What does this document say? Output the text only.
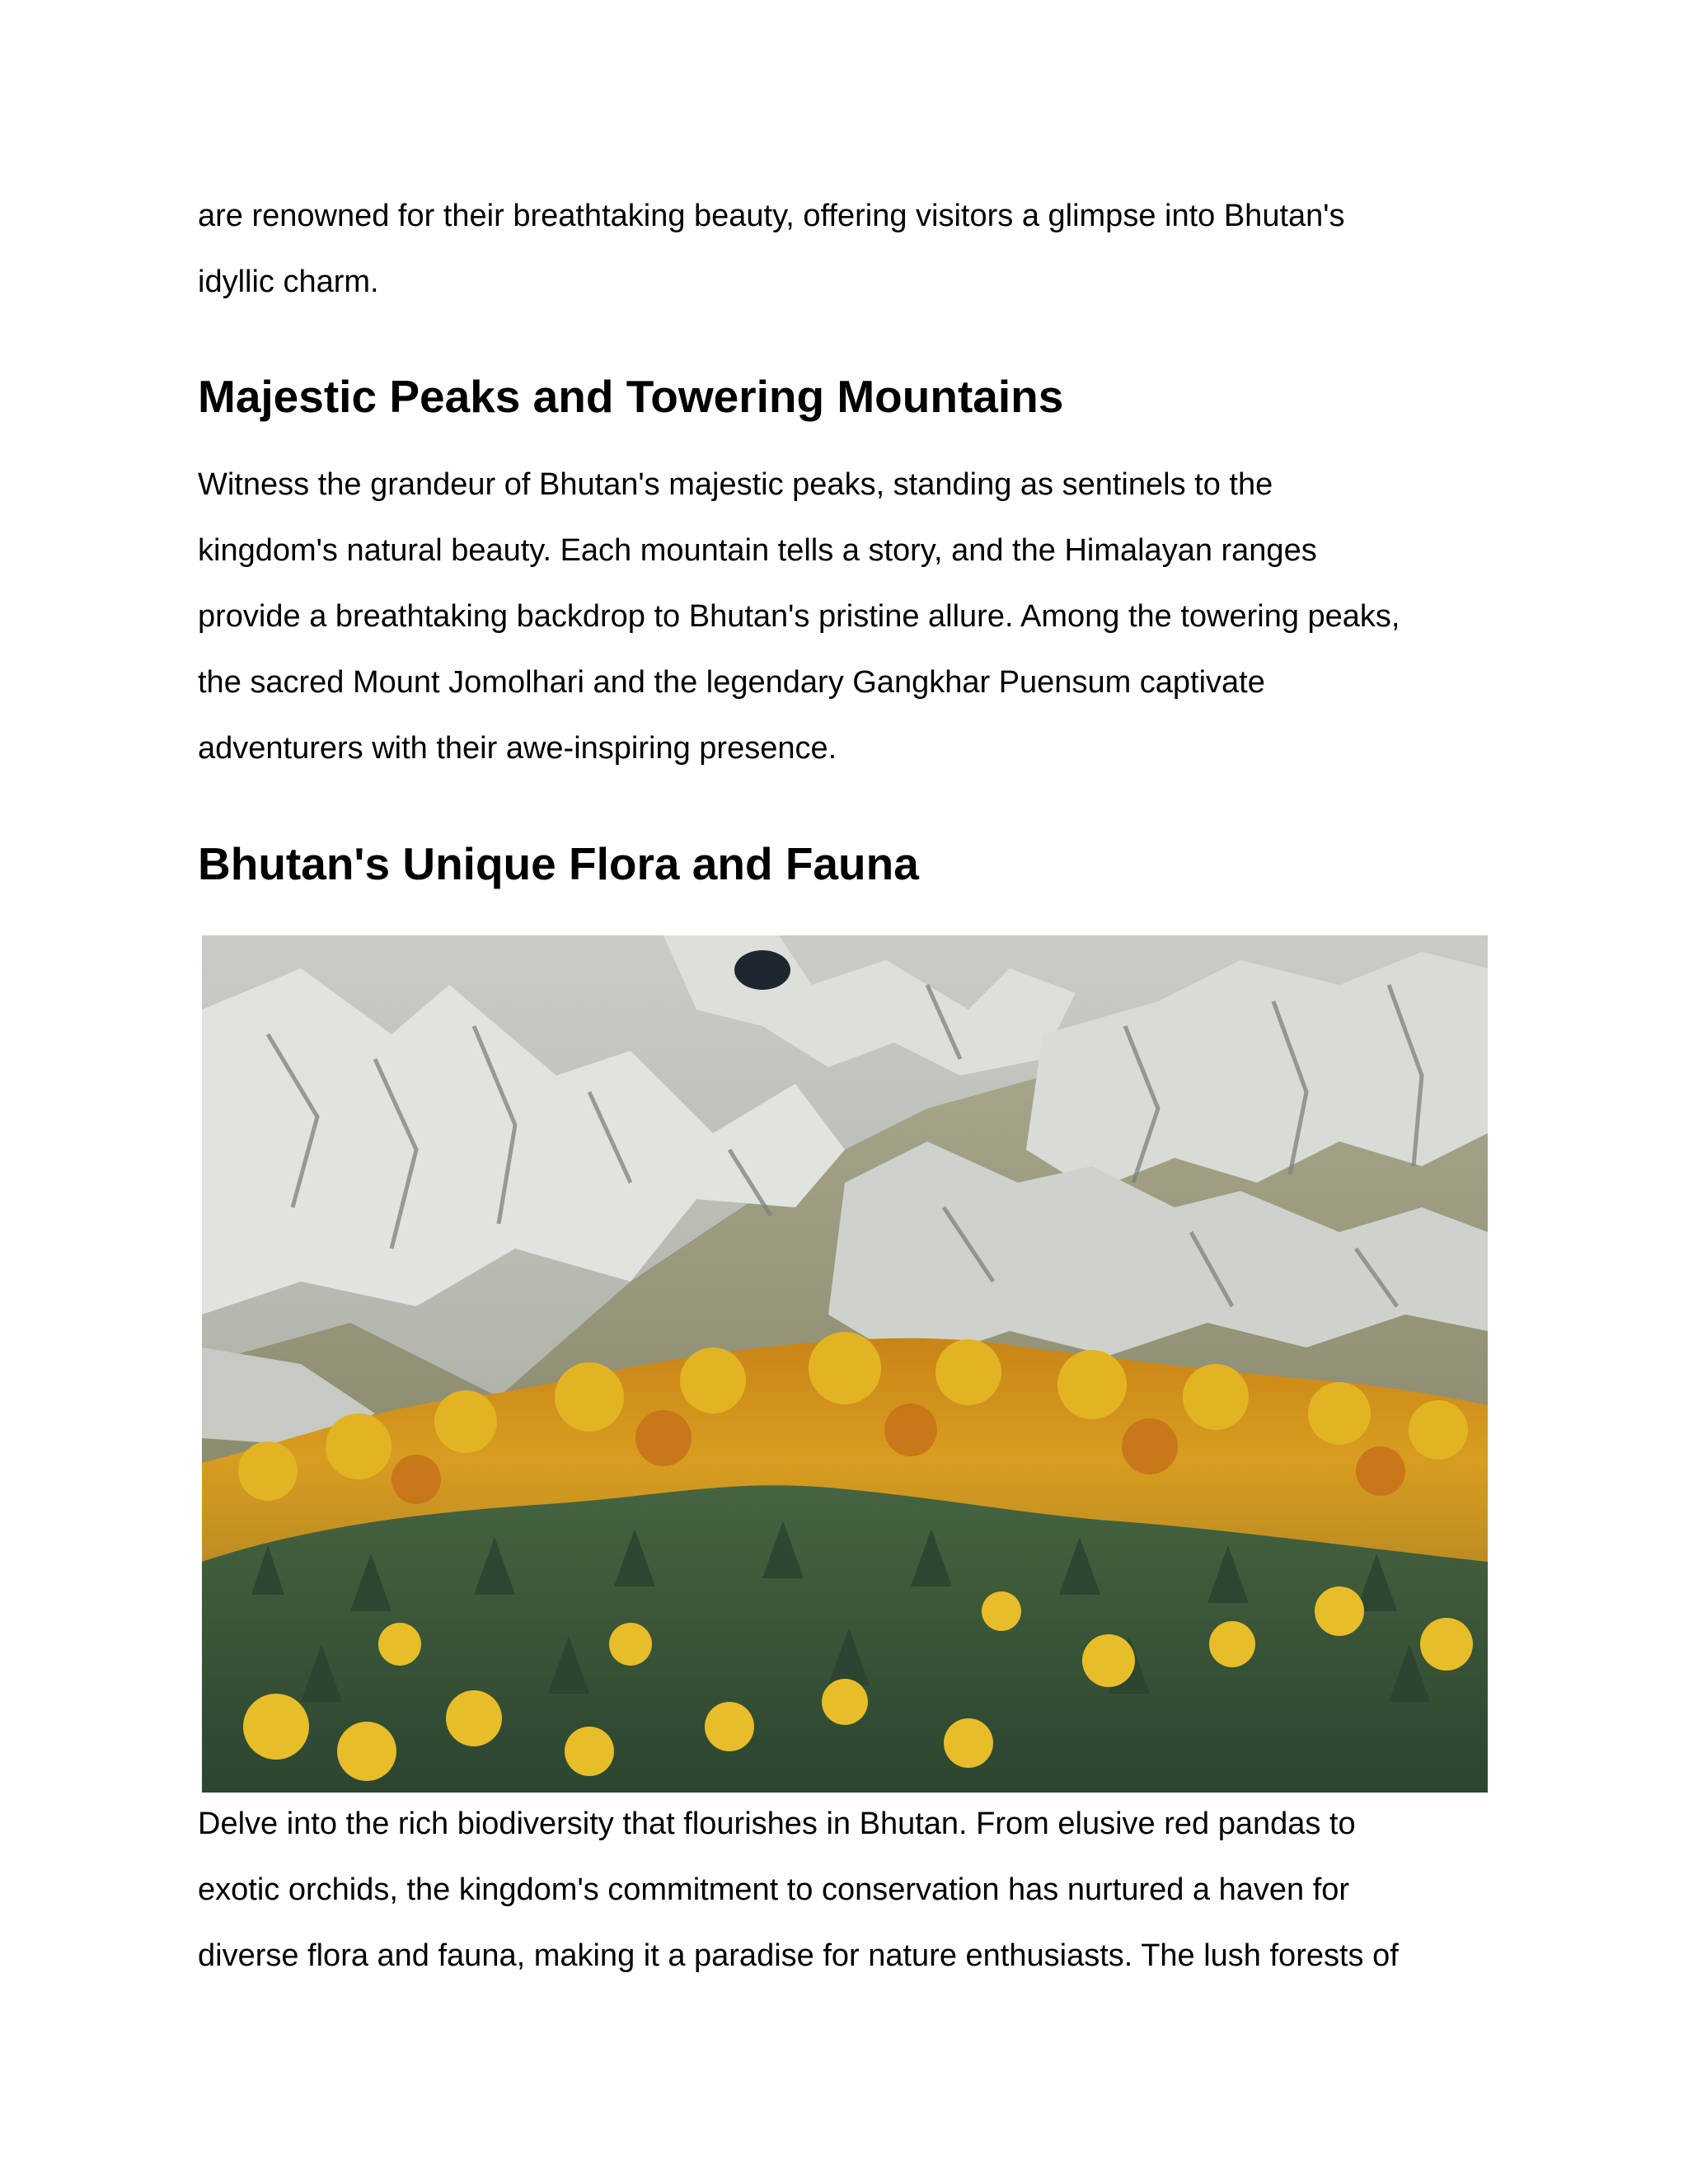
are renowned for their breathtaking beauty, offering visitors a glimpse into Bhutan's
idyllic charm.

Majestic Peaks and Towering Mountains

Witness the grandeur of Bhutan's majestic peaks, standing as sentinels to the
kingdom's natural beauty. Each mountain tells a story, and the Himalayan ranges
provide a breathtaking backdrop to Bhutan's pristine allure. Among the towering peaks,
the sacred Mount Jomolhari and the legendary Gangkhar Puensum captivate
adventurers with their awe-inspiring presence.

Bhutan's Unique Flora and Fauna

Delve into the rich biodiversity that flourishes in Bhutan. From elusive red pandas to
exotic orchids, the kingdom's commitment to conservation has nurtured a haven for
diverse flora and fauna, making it a paradise for nature enthusiasts. The lush forests of
